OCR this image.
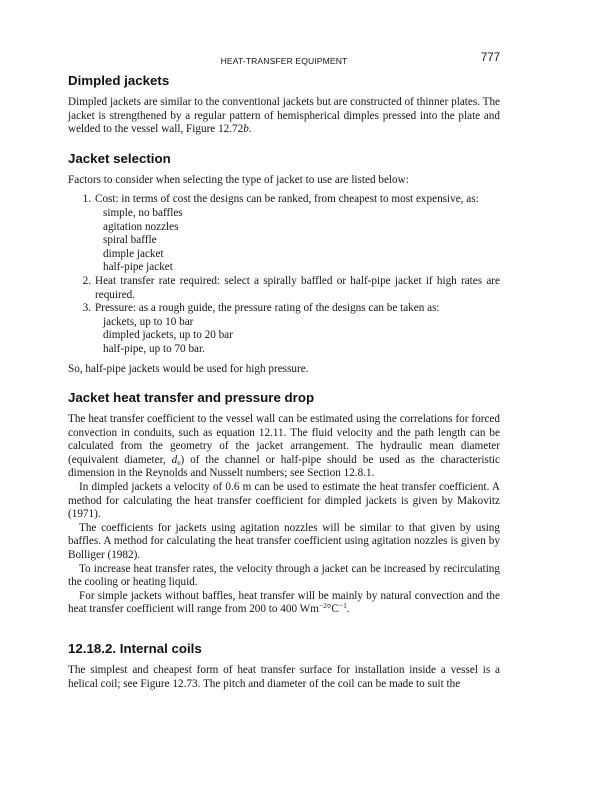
HEAT-TRANSFER EQUIPMENT	777
Dimpled jackets

Dimpled jackets are similar to the conventional jackets but are constructed of thinner plates. The jacket is strengthened by a regular pattern of hemispherical dimples pressed into the plate and welded to the vessel wall, Figure 12.72b.

Jacket selection

Factors to consider when selecting the type of jacket to use are listed below:

1. Cost: in terms of cost the designs can be ranked, from cheapest to most expensive, as:
simple, no baffles
agitation nozzles
spiral baffle
dimple jacket
half-pipe jacket
2. Heat transfer rate required: select a spirally baffled or half-pipe jacket if high rates are required.
3. Pressure: as a rough guide, the pressure rating of the designs can be taken as:
jackets, up to 10 bar
dimpled jackets, up to 20 bar
half-pipe, up to 70 bar.

So, half-pipe jackets would be used for high pressure.

Jacket heat transfer and pressure drop

The heat transfer coefficient to the vessel wall can be estimated using the correlations for forced convection in conduits, such as equation 12.11. The fluid velocity and the path length can be calculated from the geometry of the jacket arrangement. The hydraulic mean diameter (equivalent diameter, $d_e$) of the channel or half-pipe should be used as the characteristic dimension in the Reynolds and Nusselt numbers; see Section 12.8.1.

In dimpled jackets a velocity of 0.6 m can be used to estimate the heat transfer coefficient. A method for calculating the heat transfer coefficient for dimpled jackets is given by Makovitz (1971).

The coefficients for jackets using agitation nozzles will be similar to that given by using baffles. A method for calculating the heat transfer coefficient using agitation nozzles is given by Bolliger (1982).

To increase heat transfer rates, the velocity through a jacket can be increased by recirculating the cooling or heating liquid.

For simple jackets without baffles, heat transfer will be mainly by natural convection and the heat transfer coefficient will range from 200 to 400 $Wm^{-2}^\circ C^{-1}$.

12.18.2. Internal coils

The simplest and cheapest form of heat transfer surface for installation inside a vessel is a helical coil; see Figure 12.73. The pitch and diameter of the coil can be made to suit the
